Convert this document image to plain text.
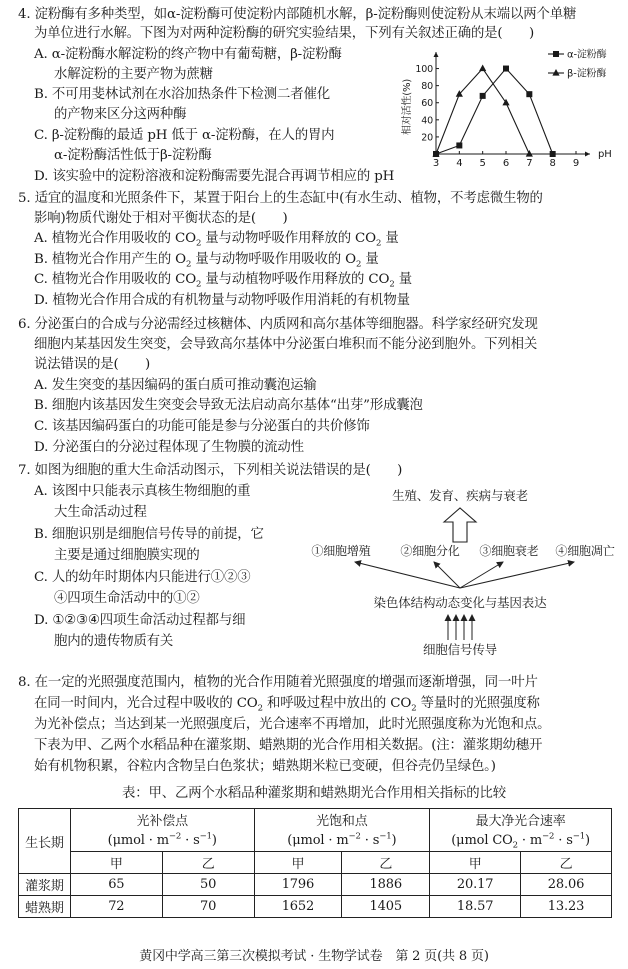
4. 淀粉酶有多种类型，如α-淀粉酶可使淀粉内部随机水解，β-淀粉酶则使淀粉从末端以两个单糖
为单位进行水解。下图为对两种淀粉酶的研究实验结果，下列有关叙述正确的是(　　)
A. α-淀粉酶水解淀粉的终产物中有葡萄糖，β-淀粉酶
水解淀粉的主要产物为蔗糖
B. 不可用斐林试剂在水浴加热条件下检测二者催化
的产物来区分这两种酶
C. β-淀粉酶的最适 pH 低于 α-淀粉酶，在人的胃内
α-淀粉酶活性低于β-淀粉酶
D. 该实验中的淀粉溶液和淀粉酶需要先混合再调节相应的 pH
3 4 5 6 7 8 9
20
40
60
80
100
pH
相对活性(%)
α-淀粉酶
β-淀粉酶
5. 适宜的温度和光照条件下，某置于阳台上的生态缸中(有水生动、植物，不考虑微生物的
影响)物质代谢处于相对平衡状态的是(　　)
A. 植物光合作用吸收的 $CO_2$ 量与动物呼吸作用释放的 $CO_2$ 量
B. 植物光合作用产生的 $O_2$ 量与动物呼吸作用吸收的 $O_2$ 量
C. 植物光合作用吸收的 $CO_2$ 量与动植物呼吸作用释放的 $CO_2$ 量
D. 植物光合作用合成的有机物量与动物呼吸作用消耗的有机物量
6. 分泌蛋白的合成与分泌需经过核糖体、内质网和高尔基体等细胞器。科学家经研究发现
细胞内某基因发生突变，会导致高尔基体中分泌蛋白堆积而不能分泌到胞外。下列相关
说法错误的是(　　)
A. 发生突变的基因编码的蛋白质可推动囊泡运输
B. 细胞内该基因发生突变会导致无法启动高尔基体“出芽”形成囊泡
C. 该基因编码蛋白的功能可能是参与分泌蛋白的共价修饰
D. 分泌蛋白的分泌过程体现了生物膜的流动性
7. 如图为细胞的重大生命活动图示，下列相关说法错误的是(　　)
A. 该图中只能表示真核生物细胞的重
大生命活动过程
B. 细胞识别是细胞信号传导的前提，它
主要是通过细胞膜实现的
C. 人的幼年时期体内只能进行①②③
④四项生命活动中的①②
D. ①②③④四项生命活动过程都与细
胞内的遗传物质有关
生殖、发育、疾病与衰老
①细胞增殖 ②细胞分化 ③细胞衰老 ④细胞凋亡
染色体结构动态变化与基因表达
细胞信号传导
8. 在一定的光照强度范围内，植物的光合作用随着光照强度的增强而逐渐增强，同一叶片
在同一时间内，光合过程中吸收的 $CO_2$ 和呼吸过程中放出的 $CO_2$ 等量时的光照强度称
为光补偿点；当达到某一光照强度后，光合速率不再增加，此时光照强度称为光饱和点。
下表为甲、乙两个水稻品种在灌浆期、蜡熟期的光合作用相关数据。(注：灌浆期幼穗开
始有机物积累，谷粒内含物呈白色浆状；蜡熟期米粒已变硬，但谷壳仍呈绿色。)
表：甲、乙两个水稻品种灌浆期和蜡熟期光合作用相关指标的比较
生长期	光补偿点		光饱和点		最大净光合速率	
	$(\mu mol \cdot m^{-2} \cdot s^{-1})$		$(\mu mol \cdot m^{-2} \cdot s^{-1})$		(μmol $CO_2 \cdot m^{-2} \cdot s^{-1}$)	
	甲	乙	甲	乙	甲	乙
灌浆期	65	50	1796	1886	20.17	28.06
蜡熟期	72	70	1652	1405	18.57	13.23
黄冈中学高三第三次模拟考试 · 生物学试卷　第 2 页(共 8 页)
